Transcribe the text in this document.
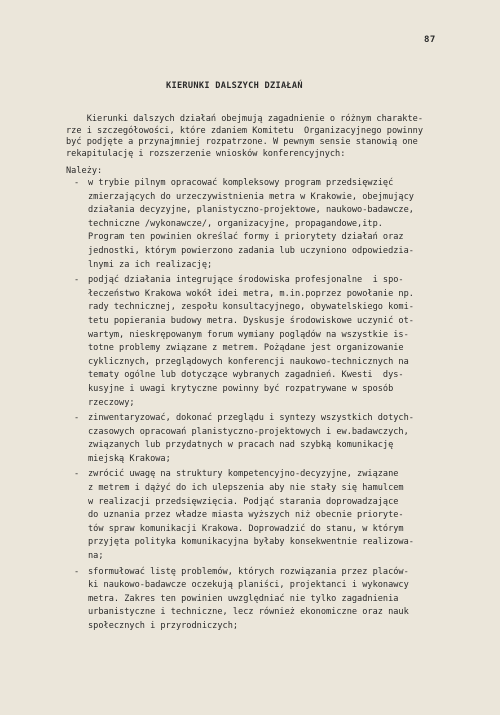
87
KIERUNKI DALSZYCH DZIAŁAŃ
Kierunki dalszych działań obejmują zagadnienie o różnym charakte-
rze i szczegółowości, które zdaniem Komitetu  Organizacyjnego powinny
być podjęte a przynajmniej rozpatrzone. W pewnym sensie stanowią one
rekapitulację i rozszerzenie wniosków konferencyjnych:
Należy:
- w trybie pilnym opracować kompleksowy program przedsięwzięć
zmierzających do urzeczywistnienia metra w Krakowie, obejmujący
działania decyzyjne, planistyczno-projektowe, naukowo-badawcze,
techniczne /wykonawcze/, organizacyjne, propagandowe,itp.
Program ten powinien określać formy i priorytety działań oraz
jednostki, którym powierzono zadania lub uczyniono odpowiedzia-
lnymi za ich realizację;
- podjąć działania integrujące środowiska profesjonalne  i spo-
łeczeństwo Krakowa wokół idei metra, m.in.poprzez powołanie np.
rady technicznej, zespołu konsultacyjnego, obywatelskiego komi-
tetu popierania budowy metra. Dyskusje środowiskowe uczynić ot-
wartym, nieskrępowanym forum wymiany poglądów na wszystkie is-
totne problemy związane z metrem. Pożądane jest organizowanie
cyklicznych, przeglądowych konferencji naukowo-technicznych na
tematy ogólne lub dotyczące wybranych zagadnień. Kwesti  dys-
kusyjne i uwagi krytyczne powinny być rozpatrywane w sposób
rzeczowy;
- zinwentaryzować, dokonać przeglądu i syntezy wszystkich dotych-
czasowych opracowań planistyczno-projektowych i ew.badawczych,
związanych lub przydatnych w pracach nad szybką komunikację
miejską Krakowa;
- zwrócić uwagę na struktury kompetencyjno-decyzyjne, związane
z metrem i dążyć do ich ulepszenia aby nie stały się hamulcem
w realizacji przedsięwzięcia. Podjąć starania doprowadzające
do uznania przez władze miasta wyższych niż obecnie priorytе-
tów spraw komunikacji Krakowa. Doprowadzić do stanu, w którym
przyjęta polityka komunikacyjna byłaby konsekwentnie realizowa-
na;
- sformułować listę problemów, których rozwiązania przez placów-
ki naukowo-badawcze oczekują planiści, projektanci i wykonawcy
metra. Zakres ten powinien uwzględniać nie tylko zagadnienia
urbanistyczne i techniczne, lecz również ekonomiczne oraz nauk
społecznych i przyrodniczych;
